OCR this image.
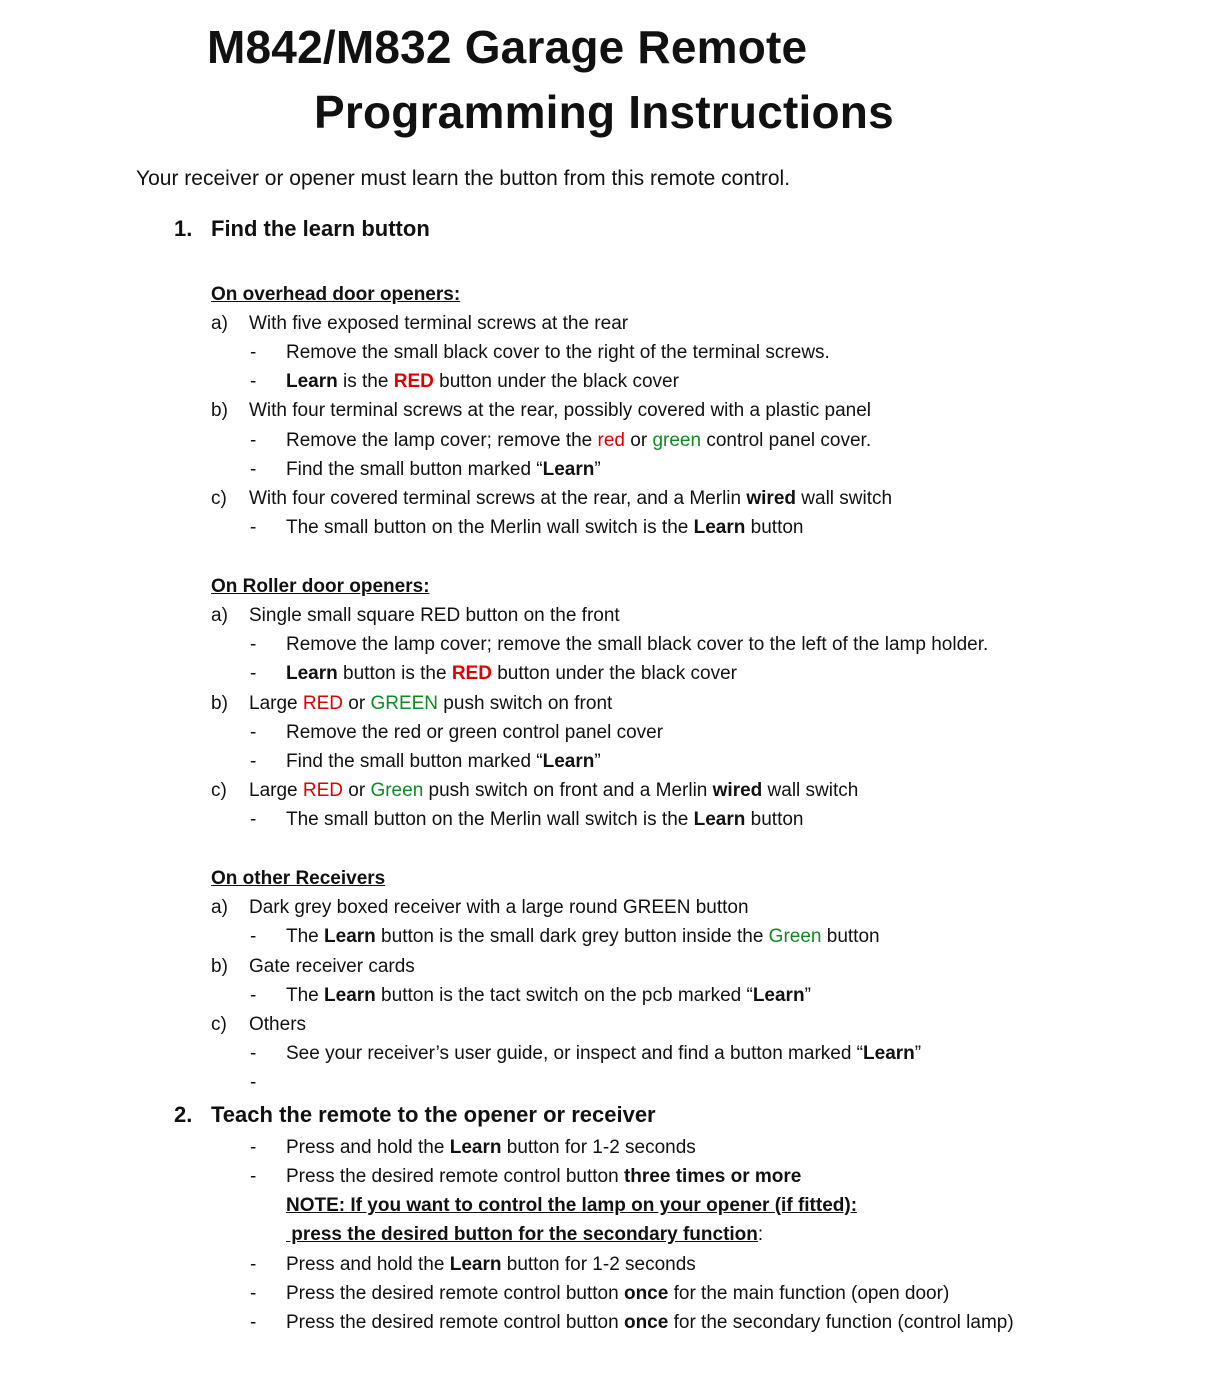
M842/M832 Garage Remote
Programming Instructions
Your receiver or opener must learn the button from this remote control.
1. Find the learn button
On overhead door openers:
a) With five exposed terminal screws at the rear
- Remove the small black cover to the right of the terminal screws.
- Learn is the RED button under the black cover
b) With four terminal screws at the rear, possibly covered with a plastic panel
- Remove the lamp cover; remove the red or green control panel cover.
- Find the small button marked “Learn”
c) With four covered terminal screws at the rear, and a Merlin wired wall switch
- The small button on the Merlin wall switch is the Learn button
On Roller door openers:
a) Single small square RED button on the front
- Remove the lamp cover; remove the small black cover to the left of the lamp holder.
- Learn button is the RED button under the black cover
b) Large RED or GREEN push switch on front
- Remove the red or green control panel cover
- Find the small button marked “Learn”
c) Large RED or Green push switch on front and a Merlin wired wall switch
- The small button on the Merlin wall switch is the Learn button
On other Receivers
a) Dark grey boxed receiver with a large round GREEN button
- The Learn button is the small dark grey button inside the Green button
b) Gate receiver cards
- The Learn button is the tact switch on the pcb marked “Learn”
c) Others
- See your receiver’s user guide, or inspect and find a button marked “Learn”
-
2. Teach the remote to the opener or receiver
- Press and hold the Learn button for 1-2 seconds
- Press the desired remote control button three times or more
NOTE: If you want to control the lamp on your opener (if fitted):
press the desired button for the secondary function:
- Press and hold the Learn button for 1-2 seconds
- Press the desired remote control button once for the main function (open door)
- Press the desired remote control button once for the secondary function (control lamp)
